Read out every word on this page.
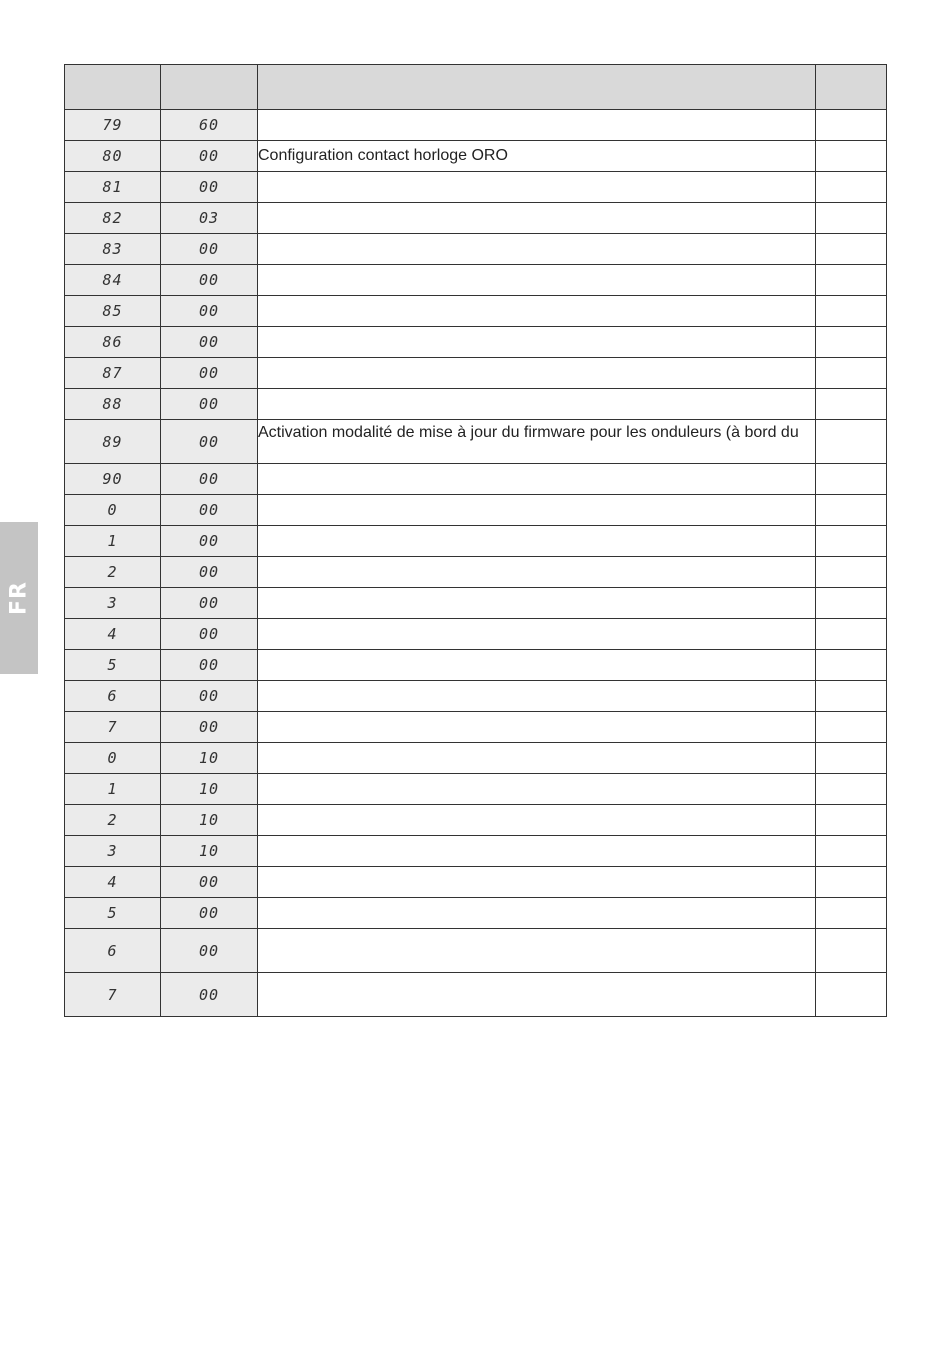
FR

79	60		
80	00	Configuration contact horloge ORO	
81	00		
82	03		
83	00		
84	00		
85	00		
86	00		
87	00		
88	00		
89	00	Activation modalité de mise à jour du firmware pour les onduleurs (à bord du	
90	00		
0	00		
1	00		
2	00		
3	00		
4	00		
5	00		
6	00		
7	00		
0	10		
1	10		
2	10		
3	10		
4	00		
5	00		
6	00		
7	00		
